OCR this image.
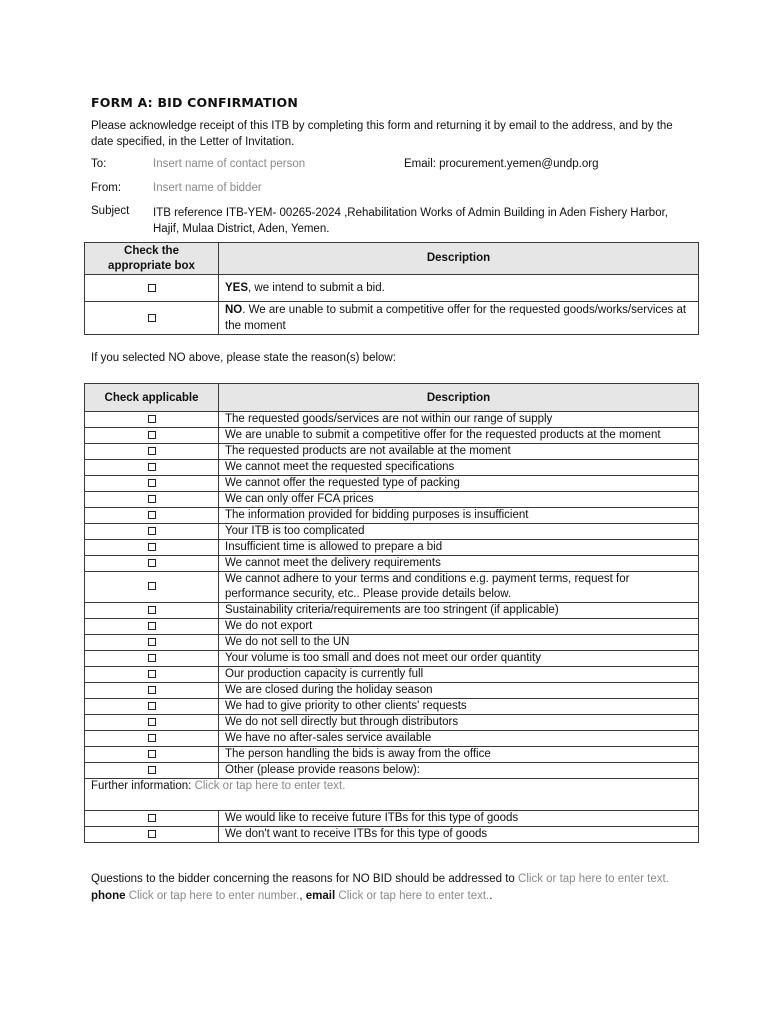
FORM A: BID CONFIRMATION
Please acknowledge receipt of this ITB by completing this form and returning it by email to the address, and by the date specified, in the Letter of Invitation.
To:	Insert name of contact person	Email: procurement.yemen@undp.org
From:	Insert name of bidder
Subject ITB reference ITB-YEM- 00265-2024 ,Rehabilitation Works of Admin Building in Aden Fishery Harbor, Hajif, Mulaa District, Aden, Yemen.
Check the appropriate box	Description
	YES, we intend to submit a bid.
	NO. We are unable to submit a competitive offer for the requested goods/works/services at the moment
If you selected NO above, please state the reason(s) below:
Check applicable	Description
	The requested goods/services are not within our range of supply
	We are unable to submit a competitive offer for the requested products at the moment
	The requested products are not available at the moment
	We cannot meet the requested specifications
	We cannot offer the requested type of packing
	We can only offer FCA prices
	The information provided for bidding purposes is insufficient
	Your ITB is too complicated
	Insufficient time is allowed to prepare a bid
	We cannot meet the delivery requirements
	We cannot adhere to your terms and conditions e.g. payment terms, request for performance security, etc.. Please provide details below.
	Sustainability criteria/requirements are too stringent (if applicable)
	We do not export
	We do not sell to the UN
	Your volume is too small and does not meet our order quantity
	Our production capacity is currently full
	We are closed during the holiday season
	We had to give priority to other clients' requests
	We do not sell directly but through distributors
	We have no after-sales service available
	The person handling the bids is away from the office
	Other (please provide reasons below):
Further information: Click or tap here to enter text.	
	We would like to receive future ITBs for this type of goods
	We don't want to receive ITBs for this type of goods
Questions to the bidder concerning the reasons for NO BID should be addressed to Click or tap here to enter text.
phone Click or tap here to enter number., email Click or tap here to enter text..
